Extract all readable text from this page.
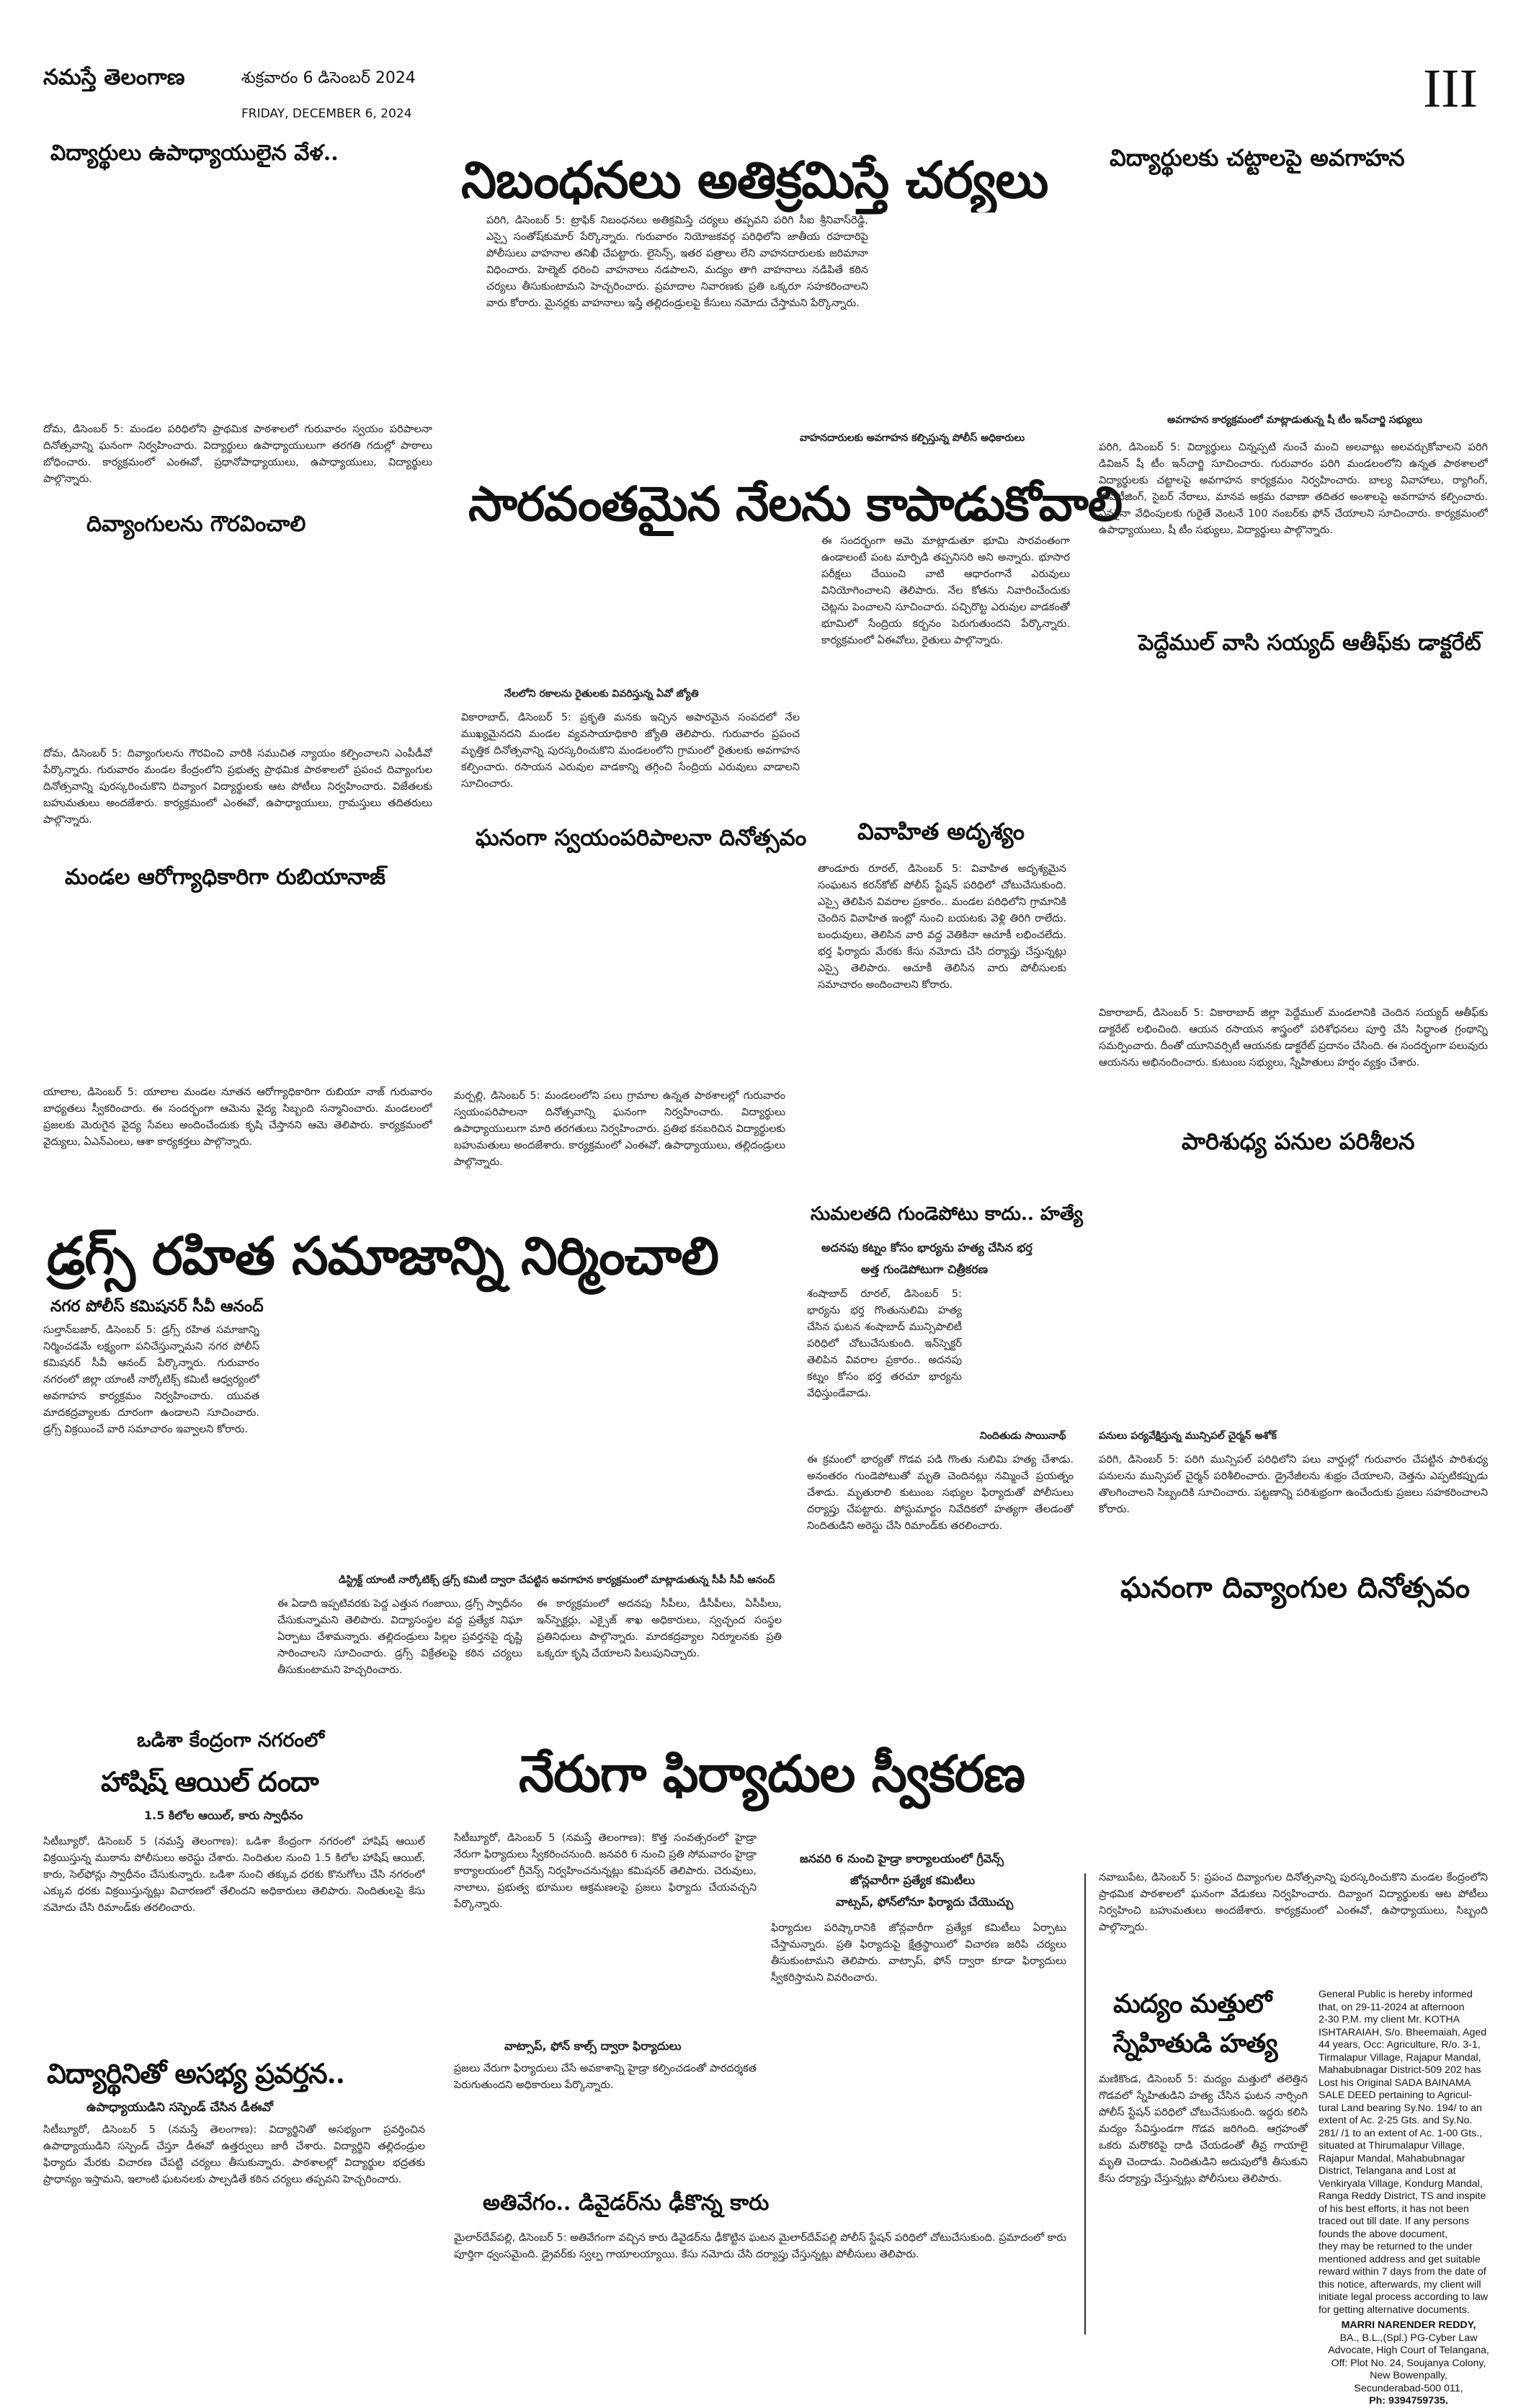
నమస్తే తెలంగాణ	శుక్రవారం 6 డిసెంబర్ 2024
FRIDAY, DECEMBER 6, 2024	III
విద్యార్థులు ఉపాధ్యాయులైన వేళ..
దోమ, డిసెంబర్ 5: మండల పరిధిలోని ప్రాథమిక పాఠశాలలో గురువారం స్వయం పరిపాలనా దినోత్సవాన్ని ఘనంగా నిర్వహించారు. విద్యార్థులు ఉపాధ్యాయులుగా తరగతి గదుల్లో పాఠాలు బోధించారు. కార్యక్రమంలో ఎంఈవో, ప్రధానోపాధ్యాయులు, ఉపాధ్యాయులు, విద్యార్థులు పాల్గొన్నారు.
దివ్యాంగులను గౌరవించాలి
దోమ, డిసెంబర్ 5: దివ్యాంగులను గౌరవించి వారికి సముచిత న్యాయం కల్పించాలని ఎంపీడీవో పేర్కొన్నారు. గురువారం మండల కేంద్రంలోని ప్రభుత్వ ప్రాథమిక పాఠశాలలో ప్రపంచ దివ్యాంగుల దినోత్సవాన్ని పురస్కరించుకొని దివ్యాంగ విద్యార్థులకు ఆట పోటీలు నిర్వహించారు. విజేతలకు బహుమతులు అందజేశారు. కార్యక్రమంలో ఎంఈవో, ఉపాధ్యాయులు, గ్రామస్తులు తదితరులు పాల్గొన్నారు.
మండల ఆరోగ్యాధికారిగా రుబియానాజ్
యాలాల, డిసెంబర్ 5: యాలాల మండల నూతన ఆరోగ్యాధికారిగా రుబియా నాజ్ గురువారం బాధ్యతలు స్వీకరించారు. ఈ సందర్భంగా ఆమెను వైద్య సిబ్బంది సన్మానించారు. మండలంలో ప్రజలకు మెరుగైన వైద్య సేవలు అందించేందుకు కృషి చేస్తానని ఆమె తెలిపారు. కార్యక్రమంలో వైద్యులు, ఏఎన్‌ఎంలు, ఆశా కార్యకర్తలు పాల్గొన్నారు.
నిబంధనలు అతిక్రమిస్తే చర్యలు
పరిగి, డిసెంబర్ 5: ట్రాఫిక్ నిబంధనలు అతిక్రమిస్తే చర్యలు తప్పవని పరిగి సీఐ శ్రీనివాస్‌రెడ్డి, ఎస్సై సంతోష్‌కుమార్ పేర్కొన్నారు. గురువారం నియోజకవర్గ పరిధిలోని జాతీయ రహదారిపై పోలీసులు వాహనాల తనిఖీ చేపట్టారు. లైసెన్స్, ఇతర పత్రాలు లేని వాహనదారులకు జరిమానా విధించారు. హెల్మెట్ ధరించి వాహనాలు నడపాలని, మద్యం తాగి వాహనాలు నడిపితే కఠిన చర్యలు తీసుకుంటామని హెచ్చరించారు. ప్రమాదాల నివారణకు ప్రతి ఒక్కరూ సహకరించాలని వారు కోరారు. మైనర్లకు వాహనాలు ఇస్తే తల్లిదండ్రులపై కేసులు నమోదు చేస్తామని పేర్కొన్నారు.
వాహనదారులకు అవగాహన కల్పిస్తున్న పోలీస్ అధికారులు
సారవంతమైన నేలను కాపాడుకోవాలి
నేలలోని రకాలను రైతులకు వివరిస్తున్న ఏవో జ్యోతి
వికారాబాద్, డిసెంబర్ 5: ప్రకృతి మనకు ఇచ్చిన అపారమైన సంపదలో నేల ముఖ్యమైనదని మండల వ్యవసాయాధికారి జ్యోతి తెలిపారు. గురువారం ప్రపంచ మృత్తిక దినోత్సవాన్ని పురస్కరించుకొని మండలంలోని గ్రామంలో రైతులకు అవగాహన కల్పించారు. రసాయన ఎరువుల వాడకాన్ని తగ్గించి సేంద్రియ ఎరువులు వాడాలని సూచించారు.
ఈ సందర్భంగా ఆమె మాట్లాడుతూ భూమి సారవంతంగా ఉండాలంటే పంట మార్పిడి తప్పనిసరి అని అన్నారు. భూసార పరీక్షలు చేయించి వాటి ఆధారంగానే ఎరువులు వినియోగించాలని తెలిపారు. నేల కోతను నివారించేందుకు చెట్లను పెంచాలని సూచించారు. పచ్చిరొట్ట ఎరువుల వాడకంతో భూమిలో సేంద్రియ కర్బనం పెరుగుతుందని పేర్కొన్నారు. కార్యక్రమంలో ఏఈవోలు, రైతులు పాల్గొన్నారు.
ఘనంగా స్వయంపరిపాలనా దినోత్సవం
మర్పల్లి, డిసెంబర్ 5: మండలంలోని పలు గ్రామాల ఉన్నత పాఠశాలల్లో గురువారం స్వయంపరిపాలనా దినోత్సవాన్ని ఘనంగా నిర్వహించారు. విద్యార్థులు ఉపాధ్యాయులుగా మారి తరగతులు నిర్వహించారు. ప్రతిభ కనబరిచిన విద్యార్థులకు బహుమతులు అందజేశారు. కార్యక్రమంలో ఎంఈవో, ఉపాధ్యాయులు, తల్లిదండ్రులు పాల్గొన్నారు.
వివాహిత అదృశ్యం
తాండూరు రూరల్, డిసెంబర్ 5: వివాహిత అదృశ్యమైన సంఘటన కరన్‌కోట్ పోలీస్ స్టేషన్ పరిధిలో చోటుచేసుకుంది. ఎస్సై తెలిపిన వివరాల ప్రకారం.. మండల పరిధిలోని గ్రామానికి చెందిన వివాహిత ఇంట్లో నుంచి బయటకు వెళ్లి తిరిగి రాలేదు. బంధువులు, తెలిసిన వారి వద్ద వెతికినా ఆచూకీ లభించలేదు. భర్త ఫిర్యాదు మేరకు కేసు నమోదు చేసి దర్యాప్తు చేస్తున్నట్లు ఎస్సై తెలిపారు. ఆచూకీ తెలిసిన వారు పోలీసులకు సమాచారం అందించాలని కోరారు.
విద్యార్థులకు చట్టాలపై అవగాహన
అవగాహన కార్యక్రమంలో మాట్లాడుతున్న షీ టీం ఇన్‌చార్జి సభ్యులు
పరిగి, డిసెంబర్ 5: విద్యార్థులు చిన్నప్పటి నుంచే మంచి అలవాట్లు అలవర్చుకోవాలని పరిగి డివిజన్ షీ టీం ఇన్‌చార్జి సూచించారు. గురువారం పరిగి మండలంలోని ఉన్నత పాఠశాలలో విద్యార్థులకు చట్టాలపై అవగాహన కార్యక్రమం నిర్వహించారు. బాల్య వివాహాలు, ర్యాగింగ్, ఈవ్‌టీజింగ్, సైబర్ నేరాలు, మానవ అక్రమ రవాణా తదితర అంశాలపై అవగాహన కల్పించారు. ఎవరైనా వేధింపులకు గురైతే వెంటనే 100 నంబర్‌కు ఫోన్ చేయాలని సూచించారు. కార్యక్రమంలో ఉపాధ్యాయులు, షీ టీం సభ్యులు, విద్యార్థులు పాల్గొన్నారు.
పెద్దేముల్ వాసి సయ్యద్ ఆతీఫ్‌కు డాక్టరేట్
వికారాబాద్, డిసెంబర్ 5: వికారాబాద్ జిల్లా పెద్దేముల్ మండలానికి చెందిన సయ్యద్ ఆతీఫ్‌కు డాక్టరేట్ లభించింది. ఆయన రసాయన శాస్త్రంలో పరిశోధనలు పూర్తి చేసి సిద్ధాంత గ్రంథాన్ని సమర్పించారు. దీంతో యూనివర్సిటీ ఆయనకు డాక్టరేట్ ప్రదానం చేసింది. ఈ సందర్భంగా పలువురు ఆయనను అభినందించారు. కుటుంబ సభ్యులు, స్నేహితులు హర్షం వ్యక్తం చేశారు.
పారిశుధ్య పనుల పరిశీలన
పనులు పర్యవేక్షిస్తున్న మున్సిపల్ చైర్మన్ అశోక్
పరిగి, డిసెంబర్ 5: పరిగి మున్సిపల్ పరిధిలోని పలు వార్డుల్లో గురువారం చేపట్టిన పారిశుధ్య పనులను మున్సిపల్ చైర్మన్ పరిశీలించారు. డ్రైనేజీలను శుభ్రం చేయాలని, చెత్తను ఎప్పటికప్పుడు తొలగించాలని సిబ్బందికి సూచించారు. పట్టణాన్ని పరిశుభ్రంగా ఉంచేందుకు ప్రజలు సహకరించాలని కోరారు.
ఘనంగా దివ్యాంగుల దినోత్సవం
నవాబుపేట, డిసెంబర్ 5: ప్రపంచ దివ్యాంగుల దినోత్సవాన్ని పురస్కరించుకొని మండల కేంద్రంలోని ప్రాథమిక పాఠశాలలో ఘనంగా వేడుకలు నిర్వహించారు. దివ్యాంగ విద్యార్థులకు ఆట పోటీలు నిర్వహించి బహుమతులు అందజేశారు. కార్యక్రమంలో ఎంఈవో, ఉపాధ్యాయులు, సిబ్బంది పాల్గొన్నారు.
డ్రగ్స్ రహిత సమాజాన్ని నిర్మించాలి
నగర పోలీస్ కమిషనర్ సీవీ ఆనంద్
సుల్తాన్‌బజార్, డిసెంబర్ 5: డ్రగ్స్ రహిత సమాజాన్ని నిర్మించడమే లక్ష్యంగా పనిచేస్తున్నామని నగర పోలీస్ కమిషనర్ సీవీ ఆనంద్ పేర్కొన్నారు. గురువారం నగరంలో జిల్లా యాంటీ నార్కోటిక్స్ కమిటీ ఆధ్వర్యంలో అవగాహన కార్యక్రమం నిర్వహించారు. యువత మాదకద్రవ్యాలకు దూరంగా ఉండాలని సూచించారు. డ్రగ్స్ విక్రయించే వారి సమాచారం ఇవ్వాలని కోరారు.
డిస్ట్రిక్ట్ యాంటీ నార్కోటిక్స్ డ్రగ్స్ కమిటీ ద్వారా చేపట్టిన అవగాహన కార్యక్రమంలో మాట్లాడుతున్న సీపీ సీవీ ఆనంద్
ఈ ఏడాది ఇప్పటివరకు పెద్ద ఎత్తున గంజాయి, డ్రగ్స్ స్వాధీనం చేసుకున్నామని తెలిపారు. విద్యాసంస్థల వద్ద ప్రత్యేక నిఘా ఏర్పాటు చేశామన్నారు. తల్లిదండ్రులు పిల్లల ప్రవర్తనపై దృష్టి సారించాలని సూచించారు. డ్రగ్స్ విక్రేతలపై కఠిన చర్యలు తీసుకుంటామని హెచ్చరించారు.
ఈ కార్యక్రమంలో అదనపు సీపీలు, డీసీపీలు, ఏసీపీలు, ఇన్‌స్పెక్టర్లు, ఎక్సైజ్ శాఖ అధికారులు, స్వచ్ఛంద సంస్థల ప్రతినిధులు పాల్గొన్నారు. మాదకద్రవ్యాల నిర్మూలనకు ప్రతి ఒక్కరూ కృషి చేయాలని పిలుపునిచ్చారు.
సుమలతది గుండెపోటు కాదు.. హత్యే
అదనపు కట్నం కోసం భార్యను హత్య చేసిన భర్త
అత్త గుండెపోటుగా చిత్రీకరణ
శంషాబాద్ రూరల్, డిసెంబర్ 5: భార్యను భర్త గొంతునులిమి హత్య చేసిన ఘటన శంషాబాద్ మున్సిపాలిటీ పరిధిలో చోటుచేసుకుంది. ఇన్‌స్పెక్టర్ తెలిపిన వివరాల ప్రకారం.. అదనపు కట్నం కోసం భర్త తరచూ భార్యను వేధిస్తుండేవాడు.
నిందితుడు సాయినాథ్
ఈ క్రమంలో భార్యతో గొడవ పడి గొంతు నులిమి హత్య చేశాడు. అనంతరం గుండెపోటుతో మృతి చెందినట్లు నమ్మించే ప్రయత్నం చేశాడు. మృతురాలి కుటుంబ సభ్యుల ఫిర్యాదుతో పోలీసులు దర్యాప్తు చేపట్టారు. పోస్టుమార్టం నివేదికలో హత్యగా తేలడంతో నిందితుడిని అరెస్టు చేసి రిమాండ్‌కు తరలించారు.
ఒడిశా కేంద్రంగా నగరంలో
హాషిష్ ఆయిల్ దందా
1.5 కిలోల ఆయిల్, కారు స్వాధీనం
సిటీబ్యూరో, డిసెంబర్ 5 (నమస్తే తెలంగాణ): ఒడిశా కేంద్రంగా నగరంలో హాషిష్ ఆయిల్ విక్రయిస్తున్న ముఠాను పోలీసులు అరెస్టు చేశారు. నిందితుల నుంచి 1.5 కిలోల హాషిష్ ఆయిల్, కారు, సెల్‌ఫోన్లు స్వాధీనం చేసుకున్నారు. ఒడిశా నుంచి తక్కువ ధరకు కొనుగోలు చేసి నగరంలో ఎక్కువ ధరకు విక్రయిస్తున్నట్లు విచారణలో తేలిందని అధికారులు తెలిపారు. నిందితులపై కేసు నమోదు చేసి రిమాండ్‌కు తరలించారు.
విద్యార్థినితో అసభ్య ప్రవర్తన..
ఉపాధ్యాయుడిని సస్పెండ్ చేసిన డీఈవో
సిటీబ్యూరో, డిసెంబర్ 5 (నమస్తే తెలంగాణ): విద్యార్థినితో అసభ్యంగా ప్రవర్తించిన ఉపాధ్యాయుడిని సస్పెండ్ చేస్తూ డీఈవో ఉత్తర్వులు జారీ చేశారు. విద్యార్థిని తల్లిదండ్రుల ఫిర్యాదు మేరకు విచారణ చేపట్టి చర్యలు తీసుకున్నారు. పాఠశాలల్లో విద్యార్థుల భద్రతకు ప్రాధాన్యం ఇస్తామని, ఇలాంటి ఘటనలకు పాల్పడితే కఠిన చర్యలు తప్పవని హెచ్చరించారు.
నేరుగా ఫిర్యాదుల స్వీకరణ
సిటీబ్యూరో, డిసెంబర్ 5 (నమస్తే తెలంగాణ): కొత్త సంవత్సరంలో హైడ్రా నేరుగా ఫిర్యాదులు స్వీకరించనుంది. జనవరి 6 నుంచి ప్రతి సోమవారం హైడ్రా కార్యాలయంలో గ్రీవెన్స్ నిర్వహించనున్నట్లు కమిషనర్ తెలిపారు. చెరువులు, నాలాలు, ప్రభుత్వ భూముల ఆక్రమణలపై ప్రజలు ఫిర్యాదు చేయవచ్చని పేర్కొన్నారు.
జనవరి 6 నుంచి హైడ్రా కార్యాలయంలో గ్రీవెన్స్
జోన్లవారీగా ప్రత్యేక కమిటీలు
వాట్సప్, ఫోన్‌లోనూ ఫిర్యాదు చేయొచ్చు
ఫిర్యాదుల పరిష్కారానికి జోన్లవారీగా ప్రత్యేక కమిటీలు ఏర్పాటు చేస్తామన్నారు. ప్రతి ఫిర్యాదుపై క్షేత్రస్థాయిలో విచారణ జరిపి చర్యలు తీసుకుంటామని తెలిపారు. వాట్సాప్, ఫోన్ ద్వారా కూడా ఫిర్యాదులు స్వీకరిస్తామని వివరించారు.
వాట్సాప్, ఫోన్ కాల్స్ ద్వారా ఫిర్యాదులు
ప్రజలు నేరుగా ఫిర్యాదులు చేసే అవకాశాన్ని హైడ్రా కల్పించడంతో పారదర్శకత పెరుగుతుందని అధికారులు పేర్కొన్నారు.
అతివేగం.. డివైడర్‌ను ఢీకొన్న కారు
మైలార్‌దేవ్‌పల్లి, డిసెంబర్ 5: అతివేగంగా వచ్చిన కారు డివైడర్‌ను ఢీకొట్టిన ఘటన మైలార్‌దేవ్‌పల్లి పోలీస్ స్టేషన్ పరిధిలో చోటుచేసుకుంది. ప్రమాదంలో కారు పూర్తిగా ధ్వంసమైంది. డ్రైవర్‌కు స్వల్ప గాయాలయ్యాయి. కేసు నమోదు చేసి దర్యాప్తు చేస్తున్నట్లు పోలీసులు తెలిపారు.
మద్యం మత్తులో
స్నేహితుడి హత్య
మణికొండ, డిసెంబర్ 5: మద్యం మత్తులో తలెత్తిన గొడవలో స్నేహితుడిని హత్య చేసిన ఘటన నార్సింగి పోలీస్ స్టేషన్ పరిధిలో చోటుచేసుకుంది. ఇద్దరు కలిసి మద్యం సేవిస్తుండగా గొడవ జరిగింది. ఆగ్రహంతో ఒకరు మరొకరిపై దాడి చేయడంతో తీవ్ర గాయాలై మృతి చెందాడు. నిందితుడిని అదుపులోకి తీసుకుని కేసు దర్యాప్తు చేస్తున్నట్లు పోలీసులు తెలిపారు.
General Public is hereby informed
that, on 29-11-2024 at afternoon
2-30 P.M. my client Mr. KOTHA
ISHTARAIAH, S/o. Bheemaiah, Aged
44 years, Occ: Agriculture, R/o. 3-1,
Tirmalapur Village, Rajapur Mandal,
Mahabubnagar District-509 202 has
Lost his Original SADA BAINAMA
SALE DEED pertaining to Agricul-
tural Land bearing Sy.No. 194/ to an
extent of Ac. 2-25 Gts. and Sy.No.
281/ /1 to an extent of Ac. 1-00 Gts.,
situated at Thirumalapur Village,
Rajapur Mandal, Mahabubnagar
District, Telangana and Lost at
Venkiryala Village, Kondurg Mandal,
Ranga Reddy District, TS and inspite
of his best efforts, it has not been
traced out till date. If any persons
founds the above document,
they may be returned to the under
mentioned address and get suitable
reward within 7 days from the date of
this notice, afterwards, my client will
initiate legal process according to law
for getting alternative documents.
MARRI NARENDER REDDY,
BA., B.L.,(Spl.) PG-Cyber Law
Advocate, High Court of Telangana,
Off: Plot No. 24, Soujanya Colony,
New Bowenpally,
Secunderabad-500 011,
Ph: 9394759735.
